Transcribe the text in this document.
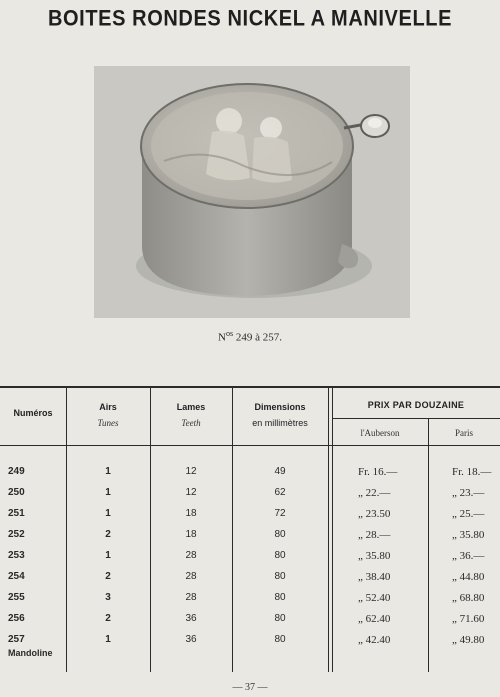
BOITES RONDES NICKEL A MANIVELLE
$N^{os}$ 249 à 257.
Numéros
Airs
Tunes
Lames
Teeth
Dimensions
en millimètres
PRIX PAR DOUZAINE
l'Auberson	Paris
249	1	12	49	Fr. 16.—	Fr. 18.—
250	1	12	62	„ 22.—	„ 23.—
251	1	18	72	„ 23.50	„ 25.—
252	2	18	80	„ 28.—	„ 35.80
253	1	28	80	„ 35.80	„ 36.—
254	2	28	80	„ 38.40	„ 44.80
255	3	28	80	„ 52.40	„ 68.80
256	2	36	80	„ 62.40	„ 71.60
257	1	36	80	„ 42.40	„ 49.80
Mandoline
— 37 —
